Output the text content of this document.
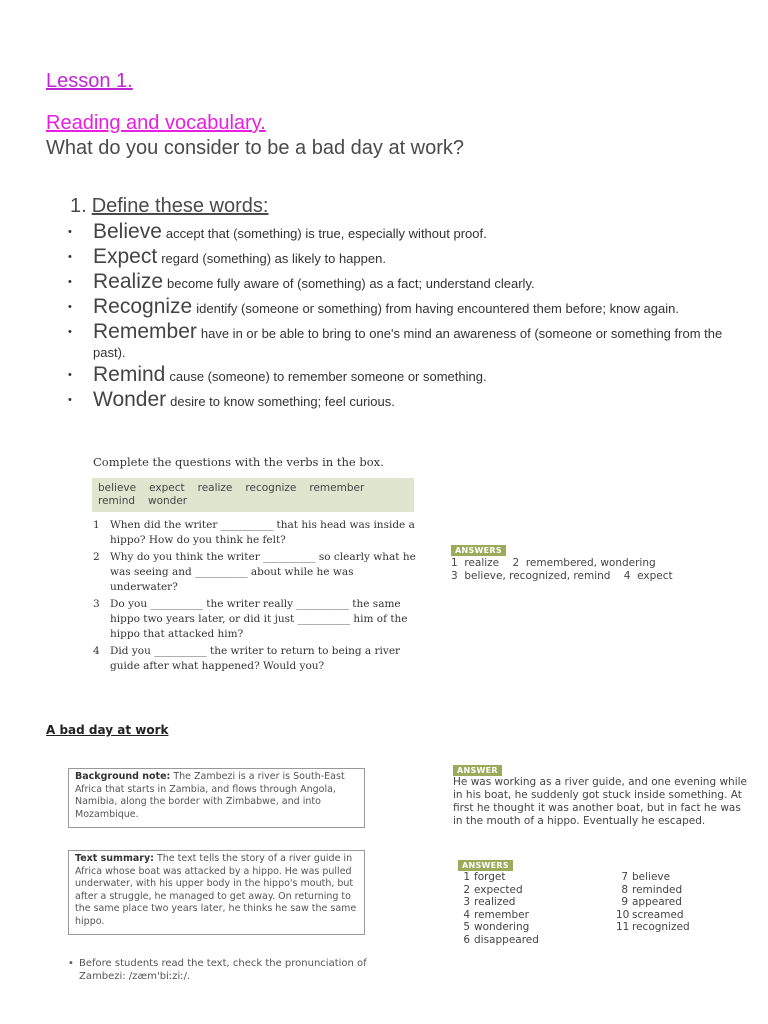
Lesson 1.
Reading and vocabulary.
What do you consider to be a bad day at work?
1. Define these words:
• Believe accept that (something) is true, especially without proof.
• Expect regard (something) as likely to happen.
• Realize become fully aware of (something) as a fact; understand clearly.
• Recognize identify (someone or something) from having encountered them before; know again.
• Remember have in or be able to bring to one's mind an awareness of (someone or something from the past).
• Remind cause (someone) to remember someone or something.
• Wonder desire to know something; feel curious.
Complete the questions with the verbs in the box.
believe expect realize recognize remember
remind wonder
1 When did the writer __________ that his head was inside a hippo? How do you think he felt?
2 Why do you think the writer __________ so clearly what he was seeing and __________ about while he was underwater?
3 Do you __________ the writer really __________ the same hippo two years later, or did it just __________ him of the hippo that attacked him?
4 Did you __________ the writer to return to being a river guide after what happened? Would you?
ANSWERS
1  realize    2  remembered, wondering
3  believe, recognized, remind    4  expect
A bad day at work
Background note: The Zambezi is a river is South-East Africa that starts in Zambia, and flows through Angola, Namibia, along the border with Zimbabwe, and into Mozambique.
Text summary: The text tells the story of a river guide in Africa whose boat was attacked by a hippo. He was pulled underwater, with his upper body in the hippo's mouth, but after a struggle, he managed to get away. On returning to the same place two years later, he thinks he saw the same hippo.
ANSWER
He was working as a river guide, and one evening while in his boat, he suddenly got stuck inside something. At first he thought it was another boat, but in fact he was in the mouth of a hippo. Eventually he escaped.
ANSWERS
1 forget
2 expected
3 realized
4 remember
5 wondering
6 disappeared
7 believe
8 reminded
9 appeared
10 screamed
11 recognized
• Before students read the text, check the pronunciation of Zambezi: /zæm'biːziː/.
